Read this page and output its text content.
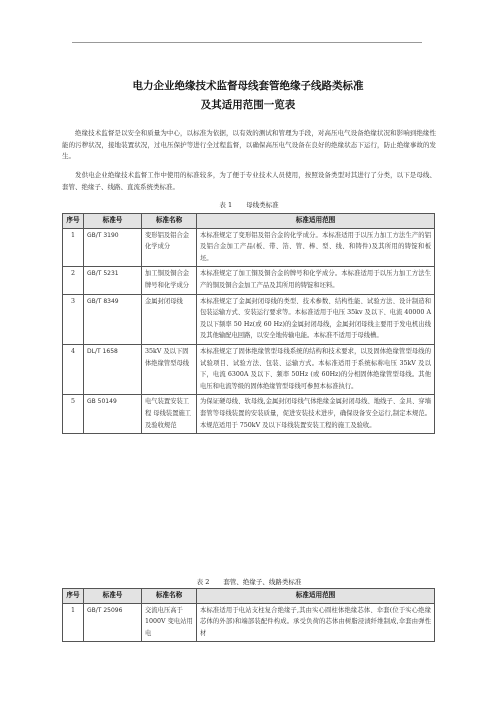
电力企业绝缘技术监督母线套管绝缘子线路类标准
及其适用范围一览表
绝缘技术监督是以安全和质量为中心，以标准为依据，以有效的测试和管理为手段，对高压电气设备绝缘状况和影响到绝缘性能的污秽状况，接地装置状况，过电压保护等进行全过程监督，以确保高压电气设备在良好的绝缘状态下运行，防止绝缘事故的发生。
发供电企业绝缘技术监督工作中使用的标准较多，为了便于专业技术人员使用，按照设备类型对其进行了分类，以下是母线、套管、绝缘子、线路、直流系统类标准。
表 1 母线类标准
序号	标准号	标准名称	标准适用范围
1	GB/T 3190	变形铝及铝合金化学成分	本标准规定了变形铝及铝合金的化学成分。本标准适用于以压力加工方法生产的铝及铝合金加工产品(板、带、箔、管、棒、型、线、和铸件)及其所用的铸锭和板坯。
2	GB/T 5231	加工铜及铜合金牌号和化学成分	本标准规定了加工铜及铜合金的牌号和化学成分。本标准适用于以压力加工方法生产的铜及铜合金加工产品及其所用的铸锭和坯料。
3	GB/T 8349	金属封闭母线	本标准规定了金属封闭母线的类型、技术参数、结构性能、试验方法、设计制造和包装运输方式、安装运行要求等。本标准适用于电压 35kv 及以下、电流 40000 A 及以下频率 50 Hz(或 60 Hz)的金属封闭母线，金属封闭母线主要用于发电机出线及其他输配电回路，以安全地传输电能。本标准不适用于母线槽。
4	DL/T 1658	35kV 及以下固体绝缘管型母线	本标准规定了固体绝缘管型母线系统的结构和技术要求，以及固体绝缘管型母线的试验项目、试验方法、包装、运输方式。本标准适用于系统标称电压 35kV 及以下，电流 6300A 及以下、频率 50Hz (或 60Hz)的分相固体绝缘管型母线。其他电压和电流等级的固体绝缘管型母线可参照本标准执行。
5	GB 50149	电气装置安装工程 母线装置施工及验收规范	为保证硬母线、软母线,金属封闭母线气体绝缘金属封闭母线、地线子、金具、穿墙套管等母线装置的安装质量，促进安装技术进步，确保设备安全运行,制定本规范。本规范适用于 750kV 及以下母线装置安装工程的施工及验收。
表 2 套管、绝缘子、线路类标准
序号	标准号	标准名称	标准适用范围
1	GB/T 25096	交流电压高于 1000V 变电站用电	本标准适用于电站支柱复合绝缘子,其由实心圆柱体绝缘芯体、伞套(位于实心绝缘芯体的外部)和端部装配件构成。承受负荷的芯体由树脂浸渍纤维制成,伞套由弹性材
